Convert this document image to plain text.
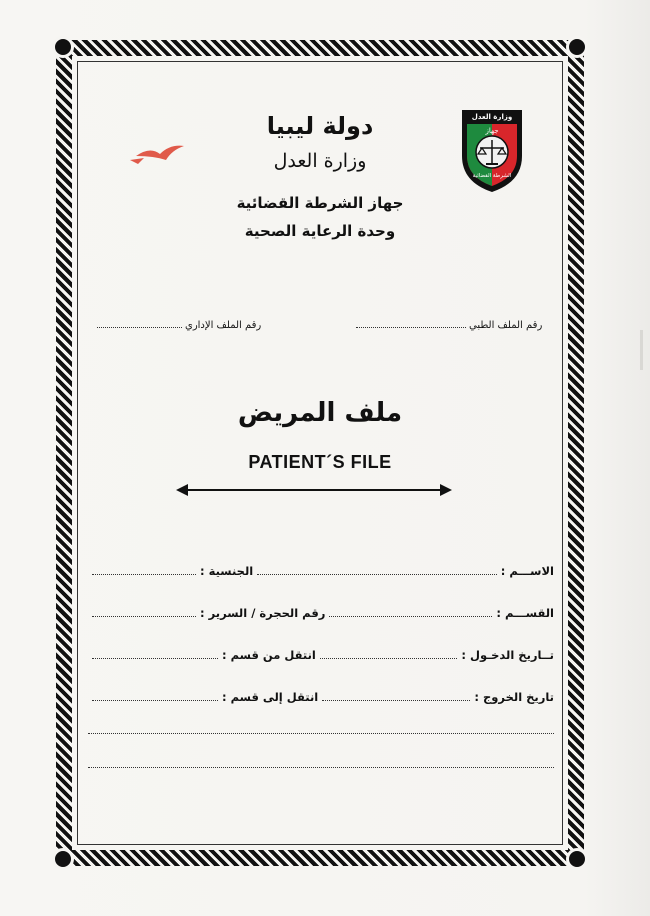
وزارة العدل
جهاز
الشرطة القضائية
دولة ليبيا
وزارة العدل
جهاز الشرطة القضائية
وحدة الرعاية الصحية
رقم الملف الطبي
رقم الملف الإداري
ملف المريض
PATIENT´S FILE
الاســـم :
الجنسية :
القســـم :
رقم الحجرة / السرير :
تــاريخ الدخـول :
انتقل من قسم :
تاريخ الخروج :
انتقل إلى قسم :
